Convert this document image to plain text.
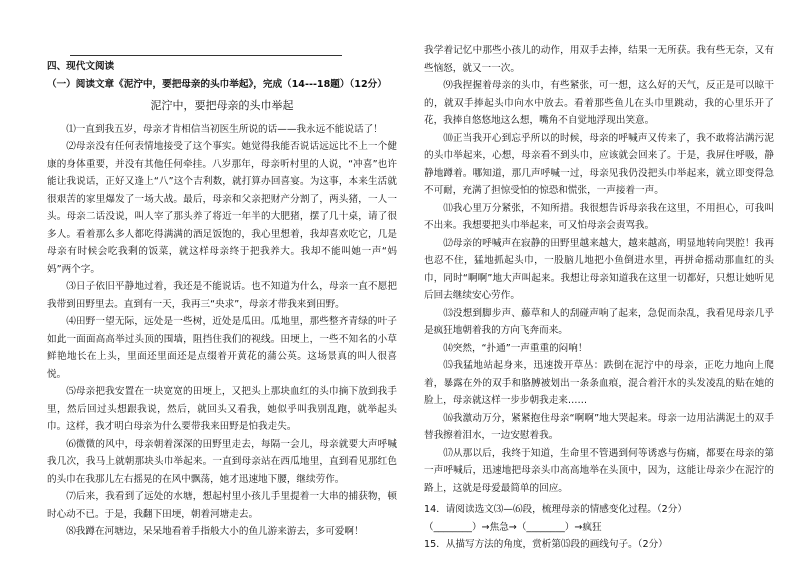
四、现代文阅读

（一）阅读文章《泥泞中，要把母亲的头巾举起》，完成（14---18题）（12分）

泥泞中，要把母亲的头巾举起

⑴一直到我五岁，母亲才肯相信当初医生所说的话——我永远不能说话了！

⑵母亲没有任何表情地接受了这个事实。她觉得我能否说话远远比不上一个健康的身体重要，并没有其他任何牵挂。八岁那年，母亲听村里的人说，“冲喜”也许能让我说话，正好又逢上“八”这个吉利数，就打算办回喜宴。为这事，本来生活就很艰苦的家里爆发了一场大战。最后，母亲和父亲把财产分割了，两头猪，一人一头。母亲二话没说，叫人宰了那头养了将近一年半的大肥猪，摆了几十桌，请了很多人。看着那么多人都吃得满满的酒足饭饱的，我心里想着，我却喜欢吃它，几是母亲有时候会吃我剩的饭菜，就这样母亲终于把我养大。我却不能叫她一声“妈妈”两个字。

⑶日子依旧平静地过着，我还是不能说话。也不知道为什么，母亲一直不愿把我带到田野里去。直到有一天，我再三“央求”，母亲才带我来到田野。

⑷田野一望无际，远处是一些树，近处是瓜田。瓜地里，那些整齐青绿的叶子如此一面面高高举过头顶的围墙，阻挡住我们的视线。田埂上，一些不知名的小草鲜艳地长在上头，里面还里面还是点缀着开黄花的蒲公英。这场景真的叫人很喜悦。

⑸母亲把我安置在一块宽宽的田埂上，又把头上那块血红的头巾摘下放到我手里，然后回过头想跟我说，然后，就回头又看我，她似乎叫我别乱跑，就举起头巾。这样，我才明白母亲为什么要带我来田野是怕我走失。

⑹微微的风中，母亲朝着深深的田野里走去，每隔一会儿，母亲就要大声呼喊我几次，我马上就朝那块头巾举起来。一直到母亲站在西瓜地里，直到看见那红色的头巾在我那儿左右摇晃的在风中飘荡，她才迅速地下腰，继续劳作。

⑺后来，我看到了远处的水塘，想起村里小孩儿手里提着一大串的捕获物，顿时心动不已。于是，我翻下田埂，朝着河塘走去。

⑻我蹲在河塘边，呆呆地看着手指般大小的鱼儿游来游去，多可爱啊！

我学着记忆中那些小孩儿的动作，用双手去捧，结果一无所获。我有些无奈，又有些恼怒，就又一一次。

⑼我捏握着母亲的头巾，有些紧张，可一想，这么好的天气，反正是可以晾干的，就双手捧起头巾向水中放去。看着那些鱼儿在头巾里跳动，我的心里乐开了花，我捧自悠悠地这么想，嘴角不自觉地浮现出笑意。

⑽正当我开心到忘乎所以的时候，母亲的呼喊声又传来了，我不敢将沾满污泥的头巾举起来，心想，母亲看不到头巾，应该就会回来了。于是，我屏住呼吸，静静地蹲着。哪知道，那几声呼喊一过，母亲见我仍没把头巾举起来，就立即变得急不可耐，充满了担惊受怕的惊恐和慌张，一声接着一声。

⑾我心里万分紧张，不知所措。我很想告诉母亲我在这里，不用担心，可我叫不出来。我想要把头巾举起来，可又怕母亲会责骂我。

⑿母亲的呼喊声在寂静的田野里越来越大，越来越高，明显地转向哭腔！我再也忍不住，猛地抓起头巾，一股脑儿地把小鱼倒进水里，再拼命摇动那血红的头巾，同时“啊啊”地大声叫起来。我想让母亲知道我在这里一切都好，只想让她听见后回去继续安心劳作。

⒀没想到脚步声、藤草和人的刮碰声响了起来，急促而杂乱，我看见母亲几乎是疯狂地朝着我的方向飞奔而来。

⒁突然，“扑通”一声重重的闷响！

⒂我猛地站起身来，迅速拨开草丛：跌倒在泥泞中的母亲，正吃力地向上爬着，暴露在外的双手和胳膊被划出一条条血痕，混合着汗水的头发凌乱的贴在她的脸上，母亲就这样一步步朝我走来……

⒃我激动万分，紧紧抱住母亲“啊啊”地大哭起来。母亲一边用沾满泥土的双手替我擦着泪水，一边安慰着我。

⒄从那以后，我终于知道，生命里不管遇到何等诱惑与伤痛，都要在母亲的第一声呼喊后，迅速地把母亲头巾高高地举在头顶中，因为，这能让母亲少在泥泞的路上，这就是母爱最简单的回应。

14．请阅读选文⑶—⑹段，梳理母亲的情感变化过程。（2分）

（________）→焦急→（________）→疯狂

15．从描写方法的角度，赏析第⒂段的画线句子。（2分）
